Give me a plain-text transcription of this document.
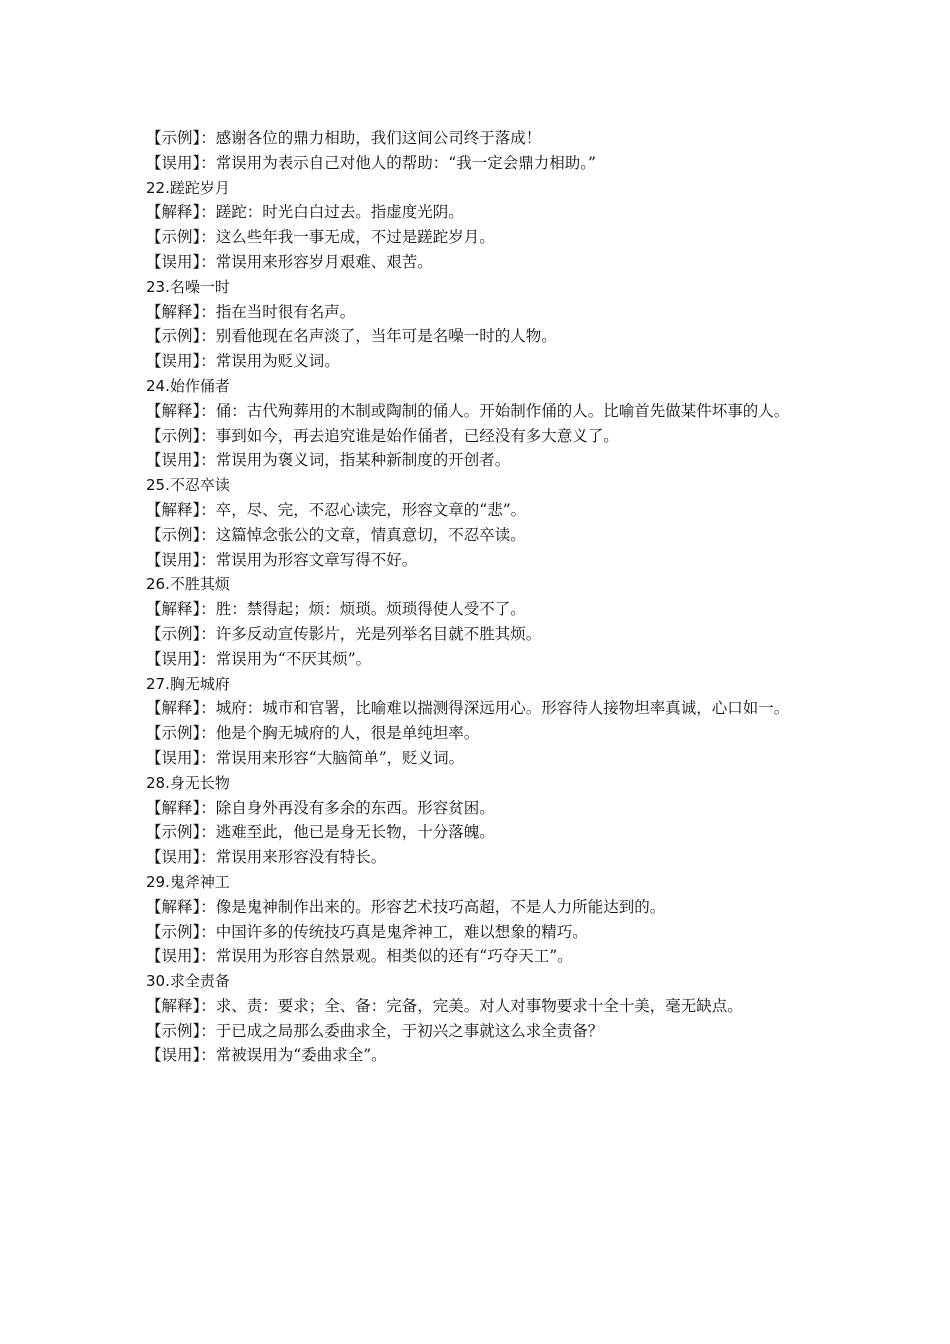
【示例】：感谢各位的鼎力相助，我们这间公司终于落成！
【误用】：常误用为表示自己对他人的帮助：“我一定会鼎力相助。”
22.蹉跎岁月
【解释】：蹉跎：时光白白过去。指虚度光阴。
【示例】：这么些年我一事无成，不过是蹉跎岁月。
【误用】：常误用来形容岁月艰难、艰苦。
23.名噪一时
【解释】：指在当时很有名声。
【示例】：别看他现在名声淡了，当年可是名噪一时的人物。
【误用】：常误用为贬义词。
24.始作俑者
【解释】：俑：古代殉葬用的木制或陶制的俑人。开始制作俑的人。比喻首先做某件坏事的人。
【示例】：事到如今，再去追究谁是始作俑者，已经没有多大意义了。
【误用】：常误用为褒义词，指某种新制度的开创者。
25.不忍卒读
【解释】：卒，尽、完，不忍心读完，形容文章的“悲”。
【示例】：这篇悼念张公的文章，情真意切，不忍卒读。
【误用】：常误用为形容文章写得不好。
26.不胜其烦
【解释】：胜：禁得起；烦：烦琐。烦琐得使人受不了。
【示例】：许多反动宣传影片，光是列举名目就不胜其烦。
【误用】：常误用为“不厌其烦”。
27.胸无城府
【解释】：城府：城市和官署，比喻难以揣测得深远用心。形容待人接物坦率真诚，心口如一。
【示例】：他是个胸无城府的人，很是单纯坦率。
【误用】：常误用来形容“大脑简单”，贬义词。
28.身无长物
【解释】：除自身外再没有多余的东西。形容贫困。
【示例】：逃难至此，他已是身无长物，十分落魄。
【误用】：常误用来形容没有特长。
29.鬼斧神工
【解释】：像是鬼神制作出来的。形容艺术技巧高超，不是人力所能达到的。
【示例】：中国许多的传统技巧真是鬼斧神工，难以想象的精巧。
【误用】：常误用为形容自然景观。相类似的还有“巧夺天工”。
30.求全责备
【解释】：求、责：要求；全、备：完备，完美。对人对事物要求十全十美，毫无缺点。
【示例】：于已成之局那么委曲求全，于初兴之事就这么求全责备？
【误用】：常被误用为“委曲求全”。
